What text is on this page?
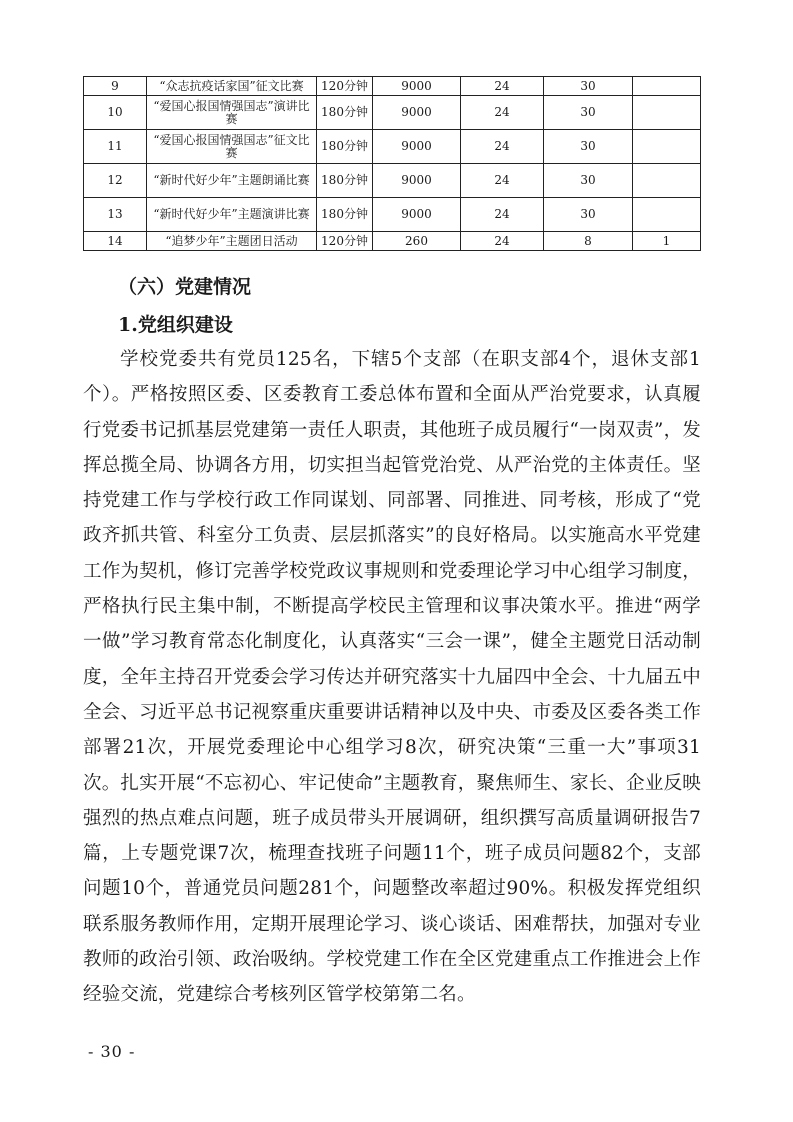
9	“众志抗疫话家国”征文比赛	120分钟	9000	24	30	
10	“爱国心报国情强国志”演讲比赛	180分钟	9000	24	30	
11	“爱国心报国情强国志”征文比赛	180分钟	9000	24	30	
12	“新时代好少年”主题朗诵比赛	180分钟	9000	24	30	
13	“新时代好少年”主题演讲比赛	180分钟	9000	24	30	
14	“追梦少年”主题团日活动	120分钟	260	24	8	1
（六）党建情况
1.党组织建设

学校党委共有党员125名，下辖5个支部（在职支部4个，退休支部1个）。严格按照区委、区委教育工委总体布置和全面从严治党要求，认真履行党委书记抓基层党建第一责任人职责，其他班子成员履行“一岗双责”，发挥总揽全局、协调各方用，切实担当起管党治党、从严治党的主体责任。坚持党建工作与学校行政工作同谋划、同部署、同推进、同考核，形成了“党政齐抓共管、科室分工负责、层层抓落实”的良好格局。以实施高水平党建工作为契机，修订完善学校党政议事规则和党委理论学习中心组学习制度，严格执行民主集中制，不断提高学校民主管理和议事决策水平。推进“两学一做”学习教育常态化制度化，认真落实“三会一课”，健全主题党日活动制度，全年主持召开党委会学习传达并研究落实十九届四中全会、十九届五中全会、习近平总书记视察重庆重要讲话精神以及中央、市委及区委各类工作部署21次，开展党委理论中心组学习8次，研究决策“三重一大”事项31次。扎实开展“不忘初心、牢记使命”主题教育，聚焦师生、家长、企业反映强烈的热点难点问题，班子成员带头开展调研，组织撰写高质量调研报告7篇，上专题党课7次，梳理查找班子问题11个，班子成员问题82个，支部问题10个，普通党员问题281个，问题整改率超过90%。积极发挥党组织联系服务教师作用，定期开展理论学习、谈心谈话、困难帮扶，加强对专业教师的政治引领、政治吸纳。学校党建工作在全区党建重点工作推进会上作经验交流，党建综合考核列区管学校第第二名。

- 30 -
